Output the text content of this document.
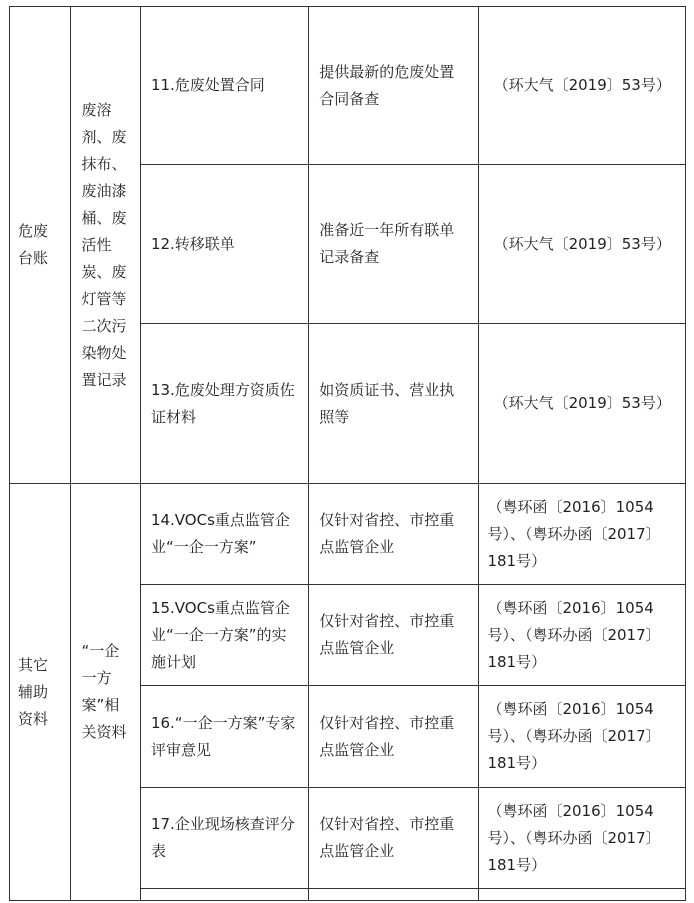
危废台账	废溶剂、废抹布、废油漆桶、废活性炭、废灯管等二次污染物处置记录	11.危废处置合同	提供最新的危废处置合同备查	（环大气〔2019〕53号）
		12.转移联单	准备近一年所有联单记录备查	（环大气〔2019〕53号）
		13.危废处理方资质佐证材料	如资质证书、营业执照等	（环大气〔2019〕53号）
其它辅助资料	“一企一方案”相关资料	14.VOCs重点监管企业“一企一方案”	仅针对省控、市控重点监管企业	（粤环函〔2016〕1054号）、（粤环办函〔2017〕181号）
		15.VOCs重点监管企业“一企一方案”的实施计划	仅针对省控、市控重点监管企业	（粤环函〔2016〕1054号）、（粤环办函〔2017〕181号）
		16.“一企一方案”专家评审意见	仅针对省控、市控重点监管企业	（粤环函〔2016〕1054号）、（粤环办函〔2017〕181号）
		17.企业现场核查评分表	仅针对省控、市控重点监管企业	（粤环函〔2016〕1054号）、（粤环办函〔2017〕181号）
